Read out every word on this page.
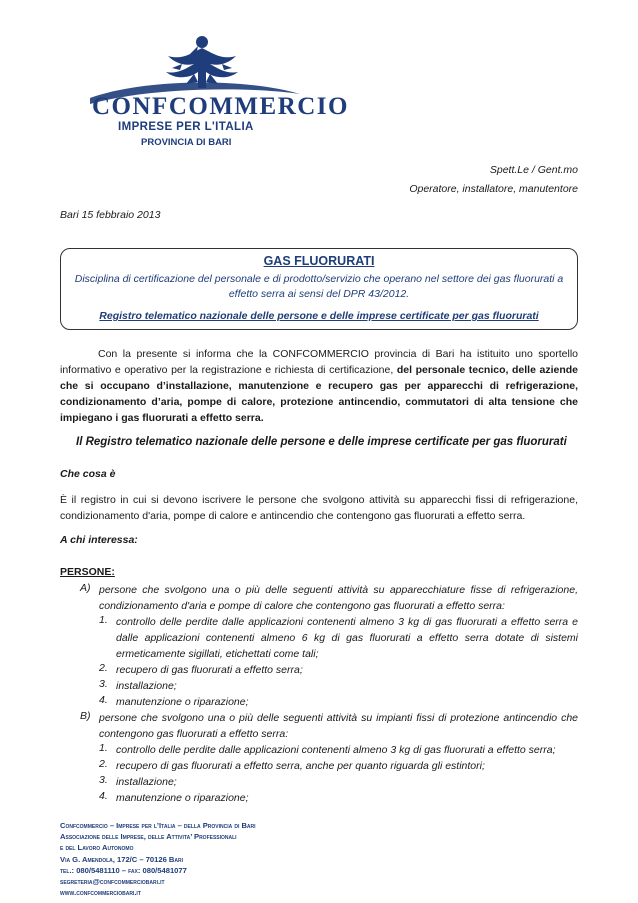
CONFCOMMERCIO
IMPRESE PER L'ITALIA
PROVINCIA DI BARI
Spett.Le / Gent.mo
Operatore, installatore, manutentore
Bari 15 febbraio 2013
GAS FLUORURATI
Disciplina di certificazione del personale e di prodotto/servizio che operano nel settore dei gas fluorurati a effetto serra ai sensi del DPR 43/2012.
Registro telematico nazionale delle persone e delle imprese certificate per gas fluorurati
Con la presente si informa che la CONFCOMMERCIO provincia di Bari ha istituito uno sportello informativo e operativo per la registrazione e richiesta di certificazione, del personale tecnico, delle aziende che si occupano d’installazione, manutenzione e recupero gas per apparecchi di refrigerazione, condizionamento d’aria, pompe di calore, protezione antincendio, commutatori di alta tensione che impiegano i gas fluorurati a effetto serra.
Il Registro telematico nazionale delle persone e delle imprese certificate per gas fluorurati
Che cosa è
È il registro in cui si devono iscrivere le persone che svolgono attività su apparecchi fissi di refrigerazione, condizionamento d'aria, pompe di calore e antincendio che contengono gas fluorurati a effetto serra.
A chi interessa:
PERSONE:
A) persone che svolgono una o più delle seguenti attività su apparecchiature fisse di refrigerazione, condizionamento d'aria e pompe di calore che contengono gas fluorurati a effetto serra:
1. controllo delle perdite dalle applicazioni contenenti almeno 3 kg di gas fluorurati a effetto serra e dalle applicazioni contenenti almeno 6 kg di gas fluorurati a effetto serra dotate di sistemi ermeticamente sigillati, etichettati come tali;
2. recupero di gas fluorurati a effetto serra;
3. installazione;
4. manutenzione o riparazione;
B) persone che svolgono una o più delle seguenti attività su impianti fissi di protezione antincendio che contengono gas fluorurati a effetto serra:
1. controllo delle perdite dalle applicazioni contenenti almeno 3 kg di gas fluorurati a effetto serra;
2. recupero di gas fluorurati a effetto serra, anche per quanto riguarda gli estintori;
3. installazione;
4. manutenzione o riparazione;
Confcommercio – Imprese per l’Italia – della Provincia di Bari
Associazione delle Imprese, delle Attivita’ Professionali
e del Lavoro Autonomo
Via G. Amendola, 172/C – 70126 Bari
tel.: 080/5481110 – fax: 080/5481077
segreteria@confcommerciobari.it
www.confcommerciobari.it
